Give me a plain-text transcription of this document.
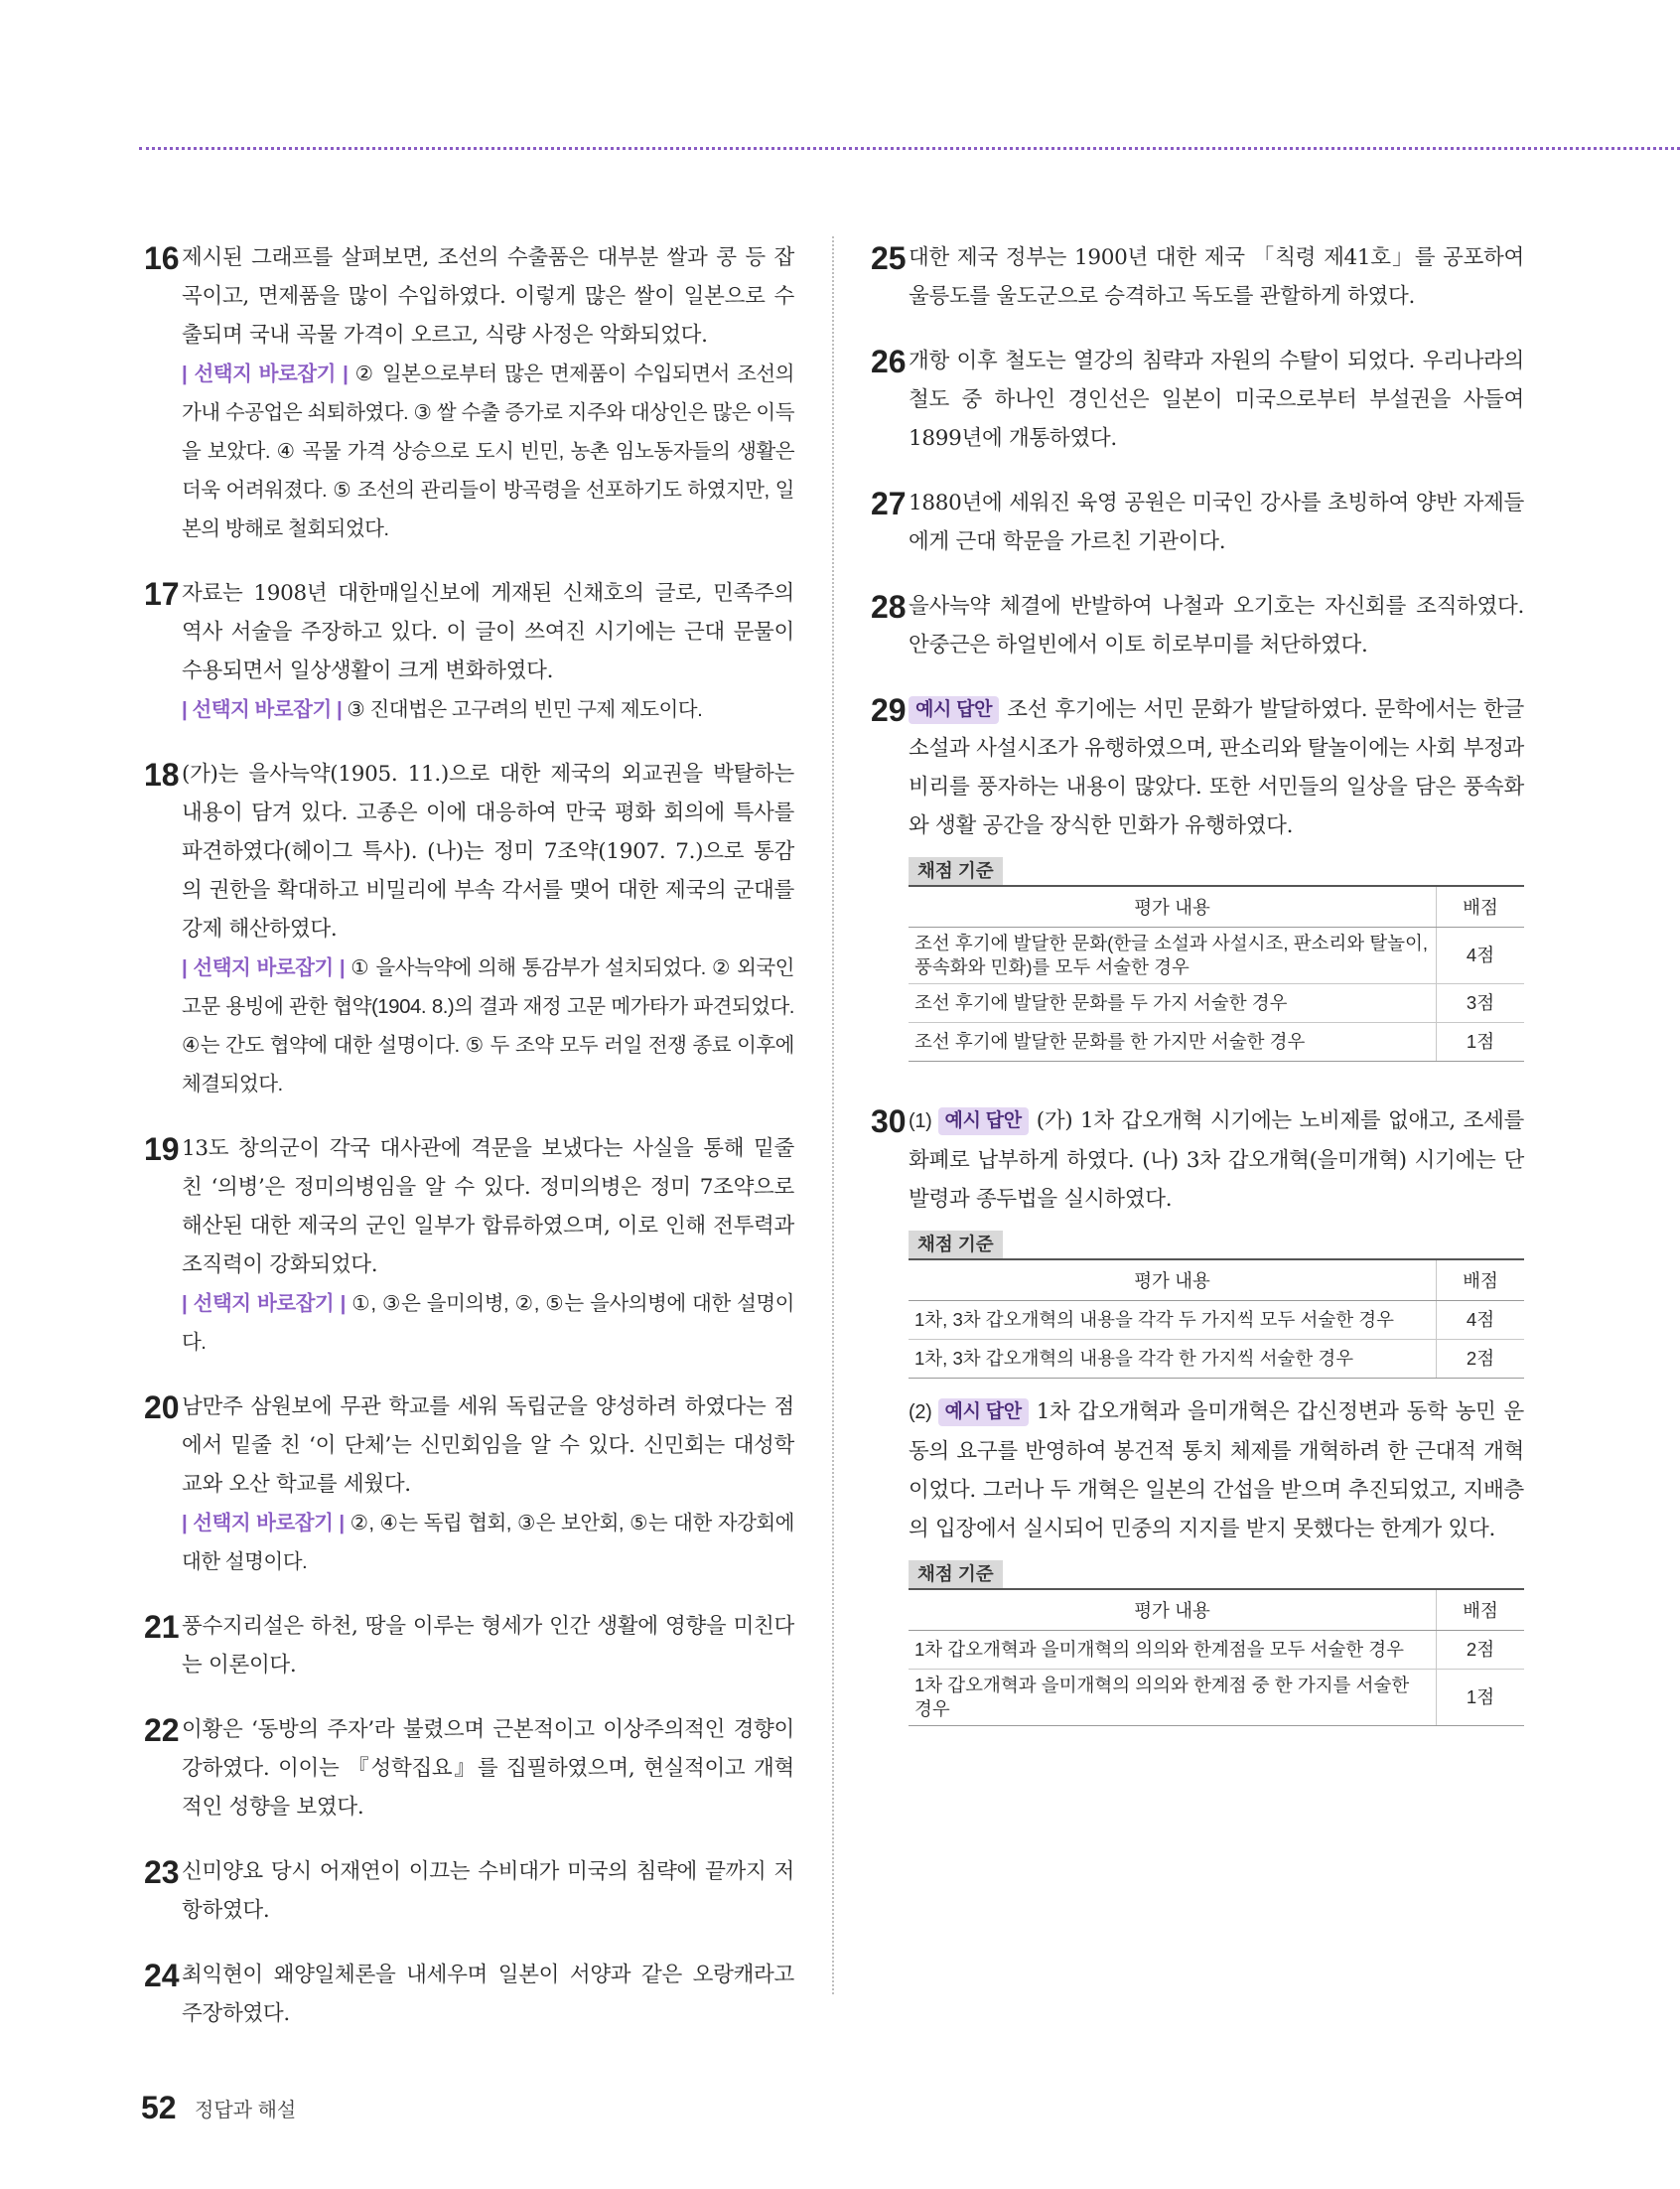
16 제시된 그래프를 살펴보면, 조선의 수출품은 대부분 쌀과 콩 등 잡곡이고, 면제품을 많이 수입하였다. 이렇게 많은 쌀이 일본으로 수출되며 국내 곡물 가격이 오르고, 식량 사정은 악화되었다.
| 선택지 바로잡기 | ② 일본으로부터 많은 면제품이 수입되면서 조선의 가내 수공업은 쇠퇴하였다. ③ 쌀 수출 증가로 지주와 대상인은 많은 이득을 보았다. ④ 곡물 가격 상승으로 도시 빈민, 농촌 임노동자들의 생활은 더욱 어려워졌다. ⑤ 조선의 관리들이 방곡령을 선포하기도 하였지만, 일본의 방해로 철회되었다.
17 자료는 1908년 대한매일신보에 게재된 신채호의 글로, 민족주의 역사 서술을 주장하고 있다. 이 글이 쓰여진 시기에는 근대 문물이 수용되면서 일상생활이 크게 변화하였다.
| 선택지 바로잡기 | ③ 진대법은 고구려의 빈민 구제 제도이다.
18 (가)는 을사늑약(1905. 11.)으로 대한 제국의 외교권을 박탈하는 내용이 담겨 있다. 고종은 이에 대응하여 만국 평화 회의에 특사를 파견하였다(헤이그 특사). (나)는 정미 7조약(1907. 7.)으로 통감의 권한을 확대하고 비밀리에 부속 각서를 맺어 대한 제국의 군대를 강제 해산하였다.
| 선택지 바로잡기 | ① 을사늑약에 의해 통감부가 설치되었다. ② 외국인 고문 용빙에 관한 협약(1904. 8.)의 결과 재정 고문 메가타가 파견되었다. ④는 간도 협약에 대한 설명이다. ⑤ 두 조약 모두 러일 전쟁 종료 이후에 체결되었다.
19 13도 창의군이 각국 대사관에 격문을 보냈다는 사실을 통해 밑줄 친 ‘의병’은 정미의병임을 알 수 있다. 정미의병은 정미 7조약으로 해산된 대한 제국의 군인 일부가 합류하였으며, 이로 인해 전투력과 조직력이 강화되었다.
| 선택지 바로잡기 | ①, ③은 을미의병, ②, ⑤는 을사의병에 대한 설명이다.
20 남만주 삼원보에 무관 학교를 세워 독립군을 양성하려 하였다는 점에서 밑줄 친 ‘이 단체’는 신민회임을 알 수 있다. 신민회는 대성학교와 오산 학교를 세웠다.
| 선택지 바로잡기 | ②, ④는 독립 협회, ③은 보안회, ⑤는 대한 자강회에 대한 설명이다.
21 풍수지리설은 하천, 땅을 이루는 형세가 인간 생활에 영향을 미친다는 이론이다.
22 이황은 ‘동방의 주자’라 불렸으며 근본적이고 이상주의적인 경향이 강하였다. 이이는 『성학집요』를 집필하였으며, 현실적이고 개혁적인 성향을 보였다.
23 신미양요 당시 어재연이 이끄는 수비대가 미국의 침략에 끝까지 저항하였다.
24 최익현이 왜양일체론을 내세우며 일본이 서양과 같은 오랑캐라고 주장하였다.
25 대한 제국 정부는 1900년 대한 제국 「칙령 제41호」를 공포하여 울릉도를 울도군으로 승격하고 독도를 관할하게 하였다.
26 개항 이후 철도는 열강의 침략과 자원의 수탈이 되었다. 우리나라의 철도 중 하나인 경인선은 일본이 미국으로부터 부설권을 사들여 1899년에 개통하였다.
27 1880년에 세워진 육영 공원은 미국인 강사를 초빙하여 양반 자제들에게 근대 학문을 가르친 기관이다.
28 을사늑약 체결에 반발하여 나철과 오기호는 자신회를 조직하였다. 안중근은 하얼빈에서 이토 히로부미를 처단하였다.
29 예시 답안 조선 후기에는 서민 문화가 발달하였다. 문학에서는 한글 소설과 사설시조가 유행하였으며, 판소리와 탈놀이에는 사회 부정과 비리를 풍자하는 내용이 많았다. 또한 서민들의 일상을 담은 풍속화와 생활 공간을 장식한 민화가 유행하였다.
채점 기준
평가 내용	배점
조선 후기에 발달한 문화(한글 소설과 사설시조, 판소리와 탈놀이, 풍속화와 민화)를 모두 서술한 경우	4점
조선 후기에 발달한 문화를 두 가지 서술한 경우	3점
조선 후기에 발달한 문화를 한 가지만 서술한 경우	1점
30 (1) 예시 답안 (가) 1차 갑오개혁 시기에는 노비제를 없애고, 조세를 화폐로 납부하게 하였다. (나) 3차 갑오개혁(을미개혁) 시기에는 단발령과 종두법을 실시하였다.
채점 기준
평가 내용	배점
1차, 3차 갑오개혁의 내용을 각각 두 가지씩 모두 서술한 경우	4점
1차, 3차 갑오개혁의 내용을 각각 한 가지씩 서술한 경우	2점
(2) 예시 답안 1차 갑오개혁과 을미개혁은 갑신정변과 동학 농민 운동의 요구를 반영하여 봉건적 통치 체제를 개혁하려 한 근대적 개혁이었다. 그러나 두 개혁은 일본의 간섭을 받으며 추진되었고, 지배층의 입장에서 실시되어 민중의 지지를 받지 못했다는 한계가 있다.
채점 기준
평가 내용	배점
1차 갑오개혁과 을미개혁의 의의와 한계점을 모두 서술한 경우	2점
1차 갑오개혁과 을미개혁의 의의와 한계점 중 한 가지를 서술한 경우	1점
52 정답과 해설
